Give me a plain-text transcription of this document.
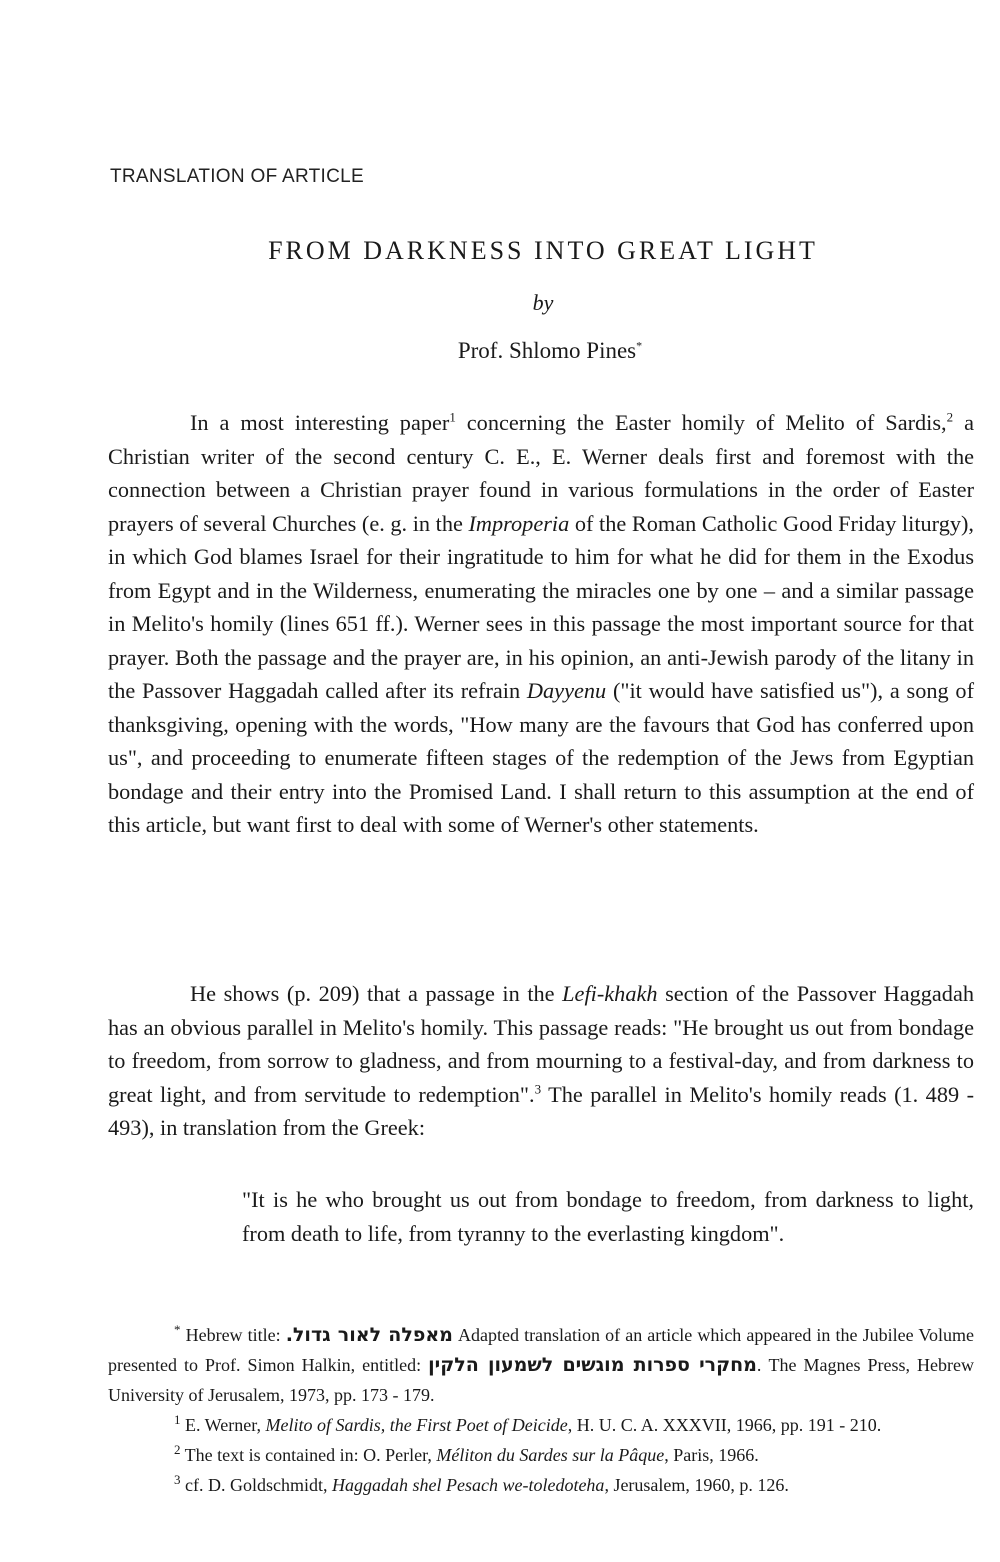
TRANSLATION OF ARTICLE
FROM DARKNESS INTO GREAT LIGHT
by
Prof. Shlomo Pines*

In a most interesting paper$^1$ concerning the Easter homily of Melito of Sardis,$^2$ a Christian writer of the second century C. E., E. Werner deals first and foremost with the connection between a Christian prayer found in various formulations in the order of Easter prayers of several Churches (e. g. in the Improperia of the Roman Catholic Good Friday liturgy), in which God blames Israel for their ingratitude to him for what he did for them in the Exodus from Egypt and in the Wilderness, enumerating the miracles one by one – and a similar passage in Melito's homily (lines 651 ff.). Werner sees in this passage the most important source for that prayer. Both the passage and the prayer are, in his opinion, an anti-Jewish parody of the litany in the Passover Haggadah called after its refrain Dayyenu ("it would have satisfied us"), a song of thanksgiving, opening with the words, "How many are the favours that God has conferred upon us", and proceeding to enumerate fifteen stages of the redemption of the Jews from Egyptian bondage and their entry into the Promised Land. I shall return to this assumption at the end of this article, but want first to deal with some of Werner's other statements.

He shows (p. 209) that a passage in the Lefi-khakh section of the Passover Haggadah has an obvious parallel in Melito's homily. This passage reads: "He brought us out from bondage to freedom, from sorrow to gladness, and from mourning to a festival-day, and from darkness to great light, and from servitude to redemption".$^3$ The parallel in Melito's homily reads (1. 489 - 493), in translation from the Greek:

"It is he who brought us out from bondage to freedom, from darkness to light, from death to life, from tyranny to the everlasting kingdom".

* Hebrew title: מאפלה לאור גדול. Adapted translation of an article which appeared in the Jubilee Volume presented to Prof. Simon Halkin, entitled: מחקרי ספרות מוגשים לשמעון הלקין. The Magnes Press, Hebrew University of Jerusalem, 1973, pp. 173 - 179.

$^1$ E. Werner, Melito of Sardis, the First Poet of Deicide, H. U. C. A. XXXVII, 1966, pp. 191 - 210.

$^2$ The text is contained in: O. Perler, Méliton du Sardes sur la Pâque, Paris, 1966.

$^3$ cf. D. Goldschmidt, Haggadah shel Pesach we-toledoteha, Jerusalem, 1960, p. 126.
